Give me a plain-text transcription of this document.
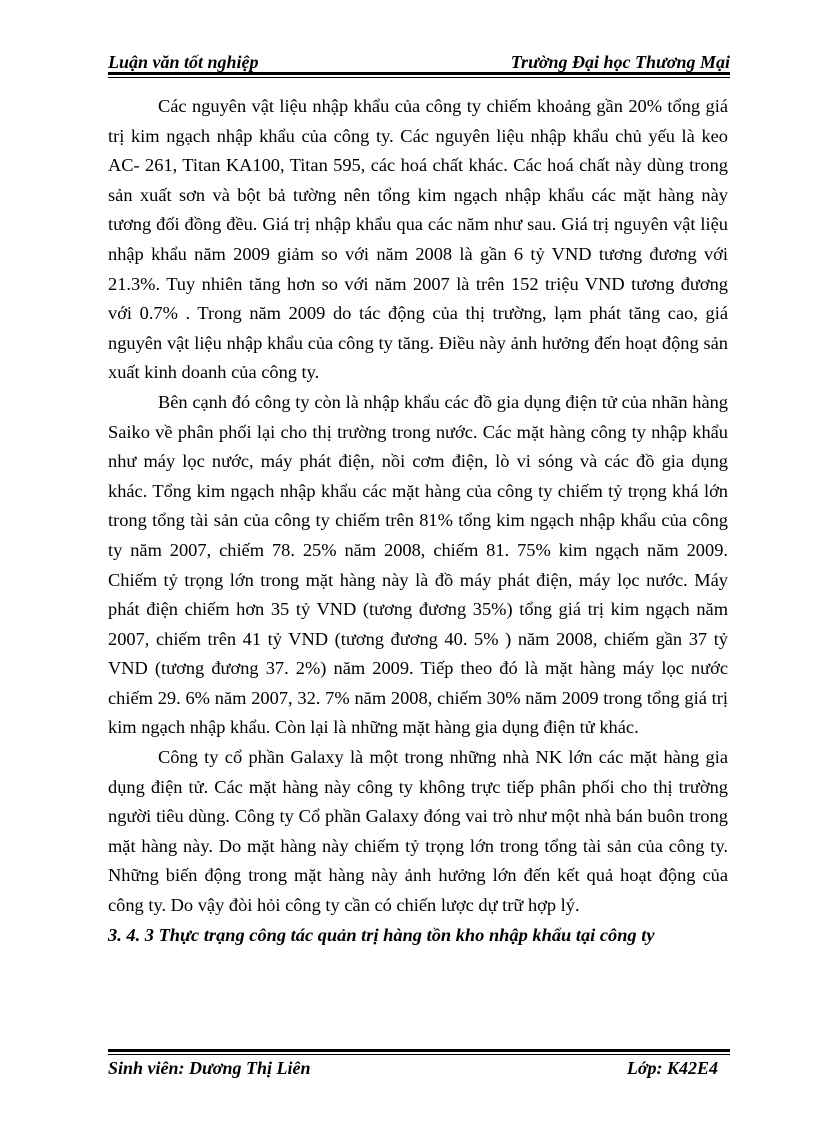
Luận văn tốt nghiệp	Trường Đại học Thương Mại

Các nguyên vật liệu nhập khẩu của công ty chiếm khoảng gần 20% tổng giá trị kim ngạch nhập khẩu của công ty. Các nguyên liệu nhập khẩu chủ yếu là keo AC- 261, Titan KA100, Titan 595, các hoá chất khác. Các hoá chất này dùng trong sản xuất sơn và bột bả tường nên tổng kim ngạch nhập khẩu các mặt hàng này tương đối đồng đều. Giá trị nhập khẩu qua các năm như sau. Giá trị nguyên vật liệu nhập khẩu năm 2009 giảm so với năm 2008 là gần 6 tỷ VND tương đương với 21.3%. Tuy nhiên tăng hơn so với năm 2007 là trên 152 triệu VND tương đương với 0.7% . Trong năm 2009 do tác động của thị trường, lạm phát tăng cao, giá nguyên vật liệu nhập khẩu của công ty tăng. Điều này ảnh hưởng đến hoạt động sản xuất kinh doanh của công ty.

Bên cạnh đó công ty còn là nhập khẩu các đồ gia dụng điện tử của nhãn hàng Saiko về phân phối lại cho thị trường trong nước. Các mặt hàng công ty nhập khẩu như máy lọc nước, máy phát điện, nồi cơm điện, lò vi sóng và các đồ gia dụng khác. Tổng kim ngạch nhập khẩu các mặt hàng của công ty chiếm tỷ trọng khá lớn trong tổng tài sản của công ty chiếm trên 81% tổng kim ngạch nhập khẩu của công ty năm 2007, chiếm 78. 25% năm 2008, chiếm 81. 75% kim ngạch năm 2009. Chiếm tỷ trọng lớn trong mặt hàng này là đồ máy phát điện, máy lọc nước. Máy phát điện chiếm hơn 35 tỷ VND (tương đương 35%) tổng giá trị kim ngạch năm 2007, chiếm trên 41 tỷ VND (tương đương 40. 5% ) năm 2008, chiếm gần 37 tỷ VND (tương đương 37. 2%) năm 2009. Tiếp theo đó là mặt hàng máy lọc nước chiếm 29. 6% năm 2007, 32. 7% năm 2008, chiếm 30% năm 2009 trong tổng giá trị kim ngạch nhập khẩu. Còn lại là những mặt hàng gia dụng điện tử khác.

Công ty cổ phần Galaxy là một trong những nhà NK lớn các mặt hàng gia dụng điện tử. Các mặt hàng này công ty không trực tiếp phân phối cho thị trường người tiêu dùng. Công ty Cổ phần Galaxy đóng vai trò như một nhà bán buôn trong mặt hàng này. Do mặt hàng này chiếm tỷ trọng lớn trong tổng tài sản của công ty. Những biến động trong mặt hàng này ảnh hưởng lớn đến kết quả hoạt động của công ty. Do vậy đòi hỏi công ty cần có chiến lược dự trữ hợp lý.

3. 4. 3 Thực trạng công tác quản trị hàng tồn kho nhập khẩu tại công ty

Sinh viên: Dương Thị Liên	Lớp: K42E4
